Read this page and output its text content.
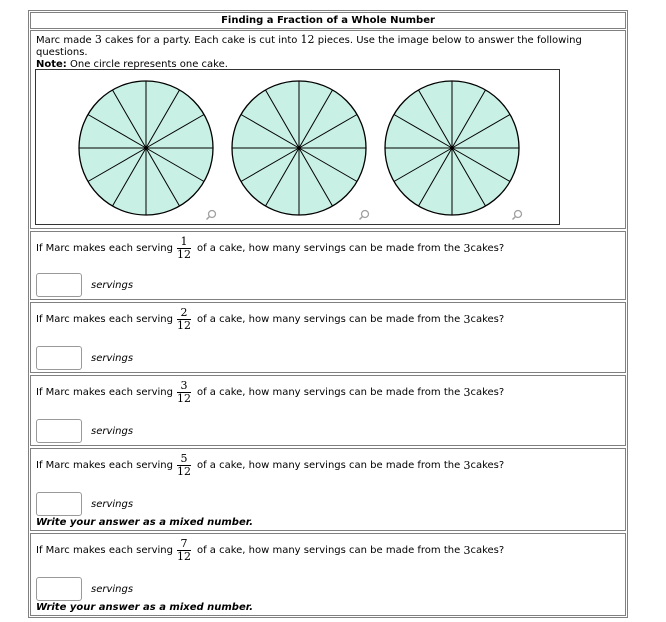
Finding a Fraction of a Whole Number
Marc made 3 cakes for a party. Each cake is cut into 12 pieces. Use the image below to answer the following questions.
Note: One circle represents one cake.
If Marc makes each serving $\frac{1}{12}$ of a cake, how many servings can be made from the
3 cakes?
servings
If Marc makes each serving $\frac{2}{12}$ of a cake, how many servings can be made from the
3 cakes?
servings
If Marc makes each serving $\frac{3}{12}$ of a cake, how many servings can be made from the
3 cakes?
servings
If Marc makes each serving $\frac{5}{12}$ of a cake, how many servings can be made from the
3 cakes?
servings
Write your answer as a mixed number.
If Marc makes each serving $\frac{7}{12}$ of a cake, how many servings can be made from the
3 cakes?
servings
Write your answer as a mixed number.
